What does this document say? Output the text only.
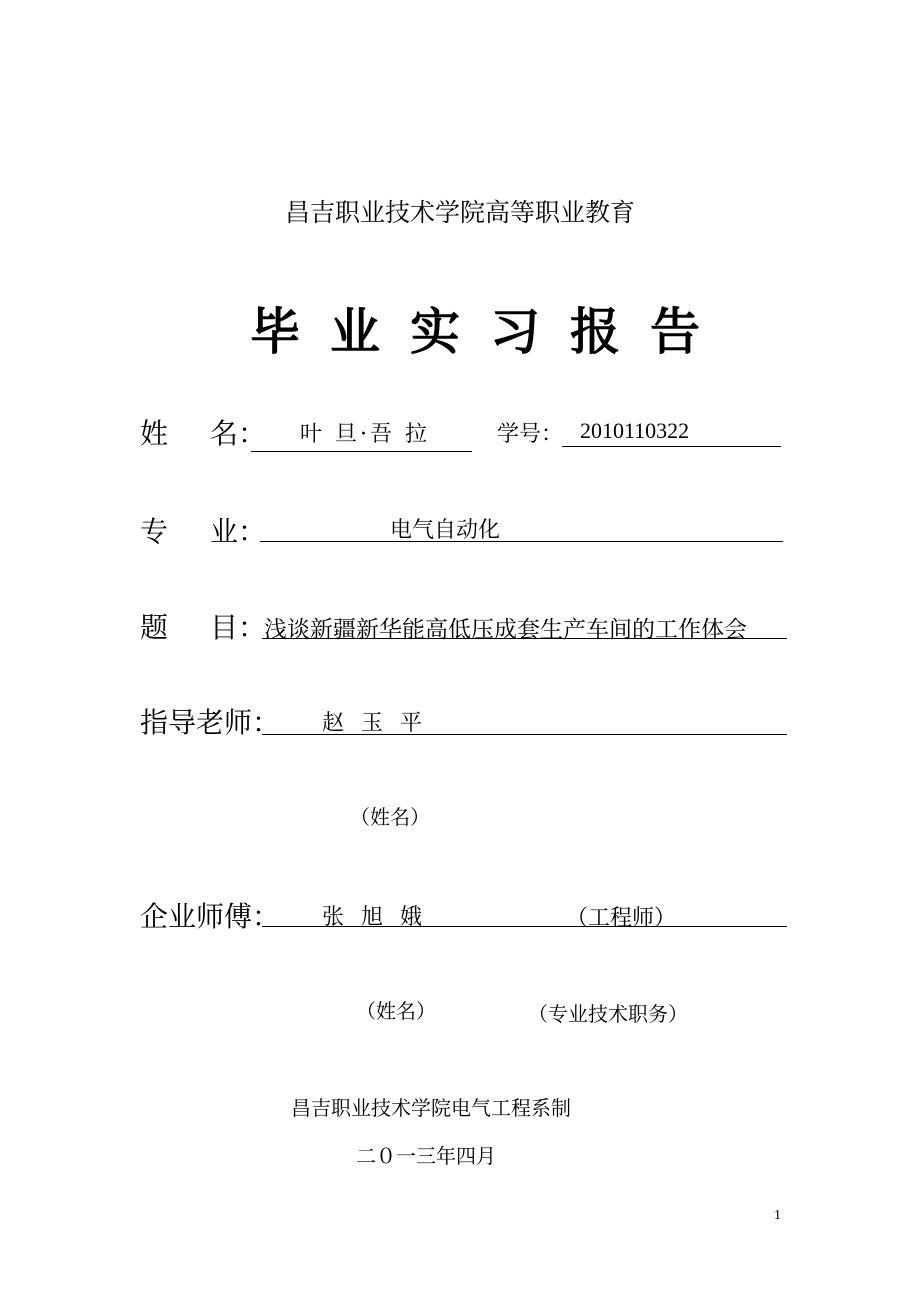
昌吉职业技术学院高等职业教育
毕业实习报告
姓 名： 叶 旦·吾 拉	学号： 2010110322
专 业：	电气自动化
题 目：
浅谈新疆新华能高低压成套生产车间的工作体会
指导老师： 赵 玉 平
（姓名）
企业师傅： 张 旭 娥	（工程师）
（姓名）	（专业技术职务）
昌吉职业技术学院电气工程系制
二０一三年四月
1
